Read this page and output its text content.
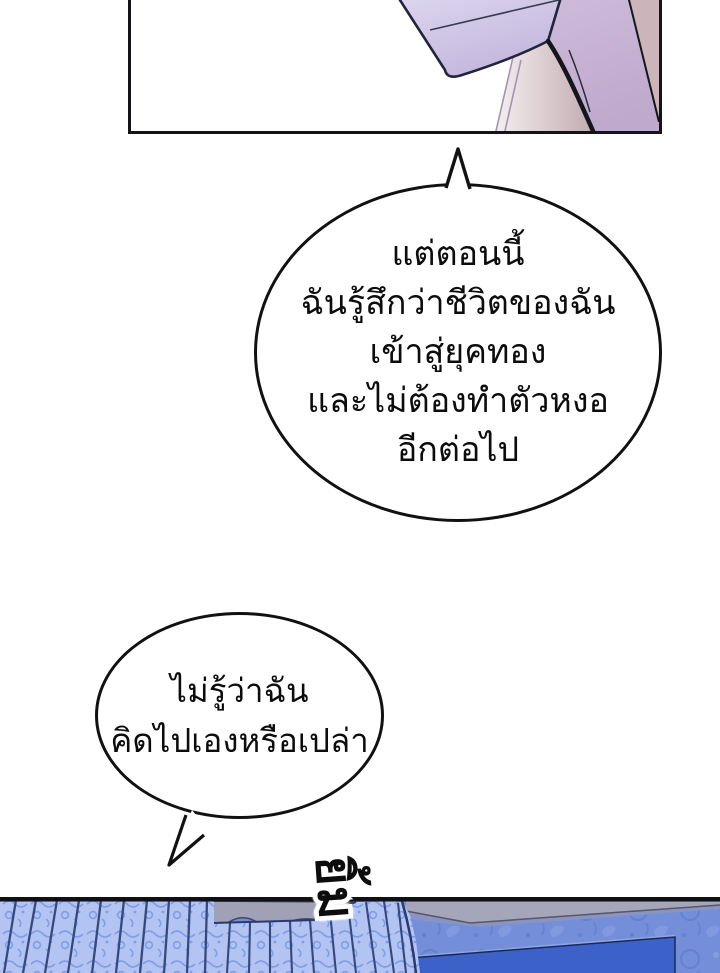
แต่ตอนนี้
ฉันรู้สึกว่าชีวิตของฉัน
เข้าสู่ยุคทอง
และไม่ต้องทำตัวหงอ
อีกต่อไป
ไม่รู้ว่าฉัน
คิดไปเองหรือเปล่า
ยิ้ม ยิ้ม
